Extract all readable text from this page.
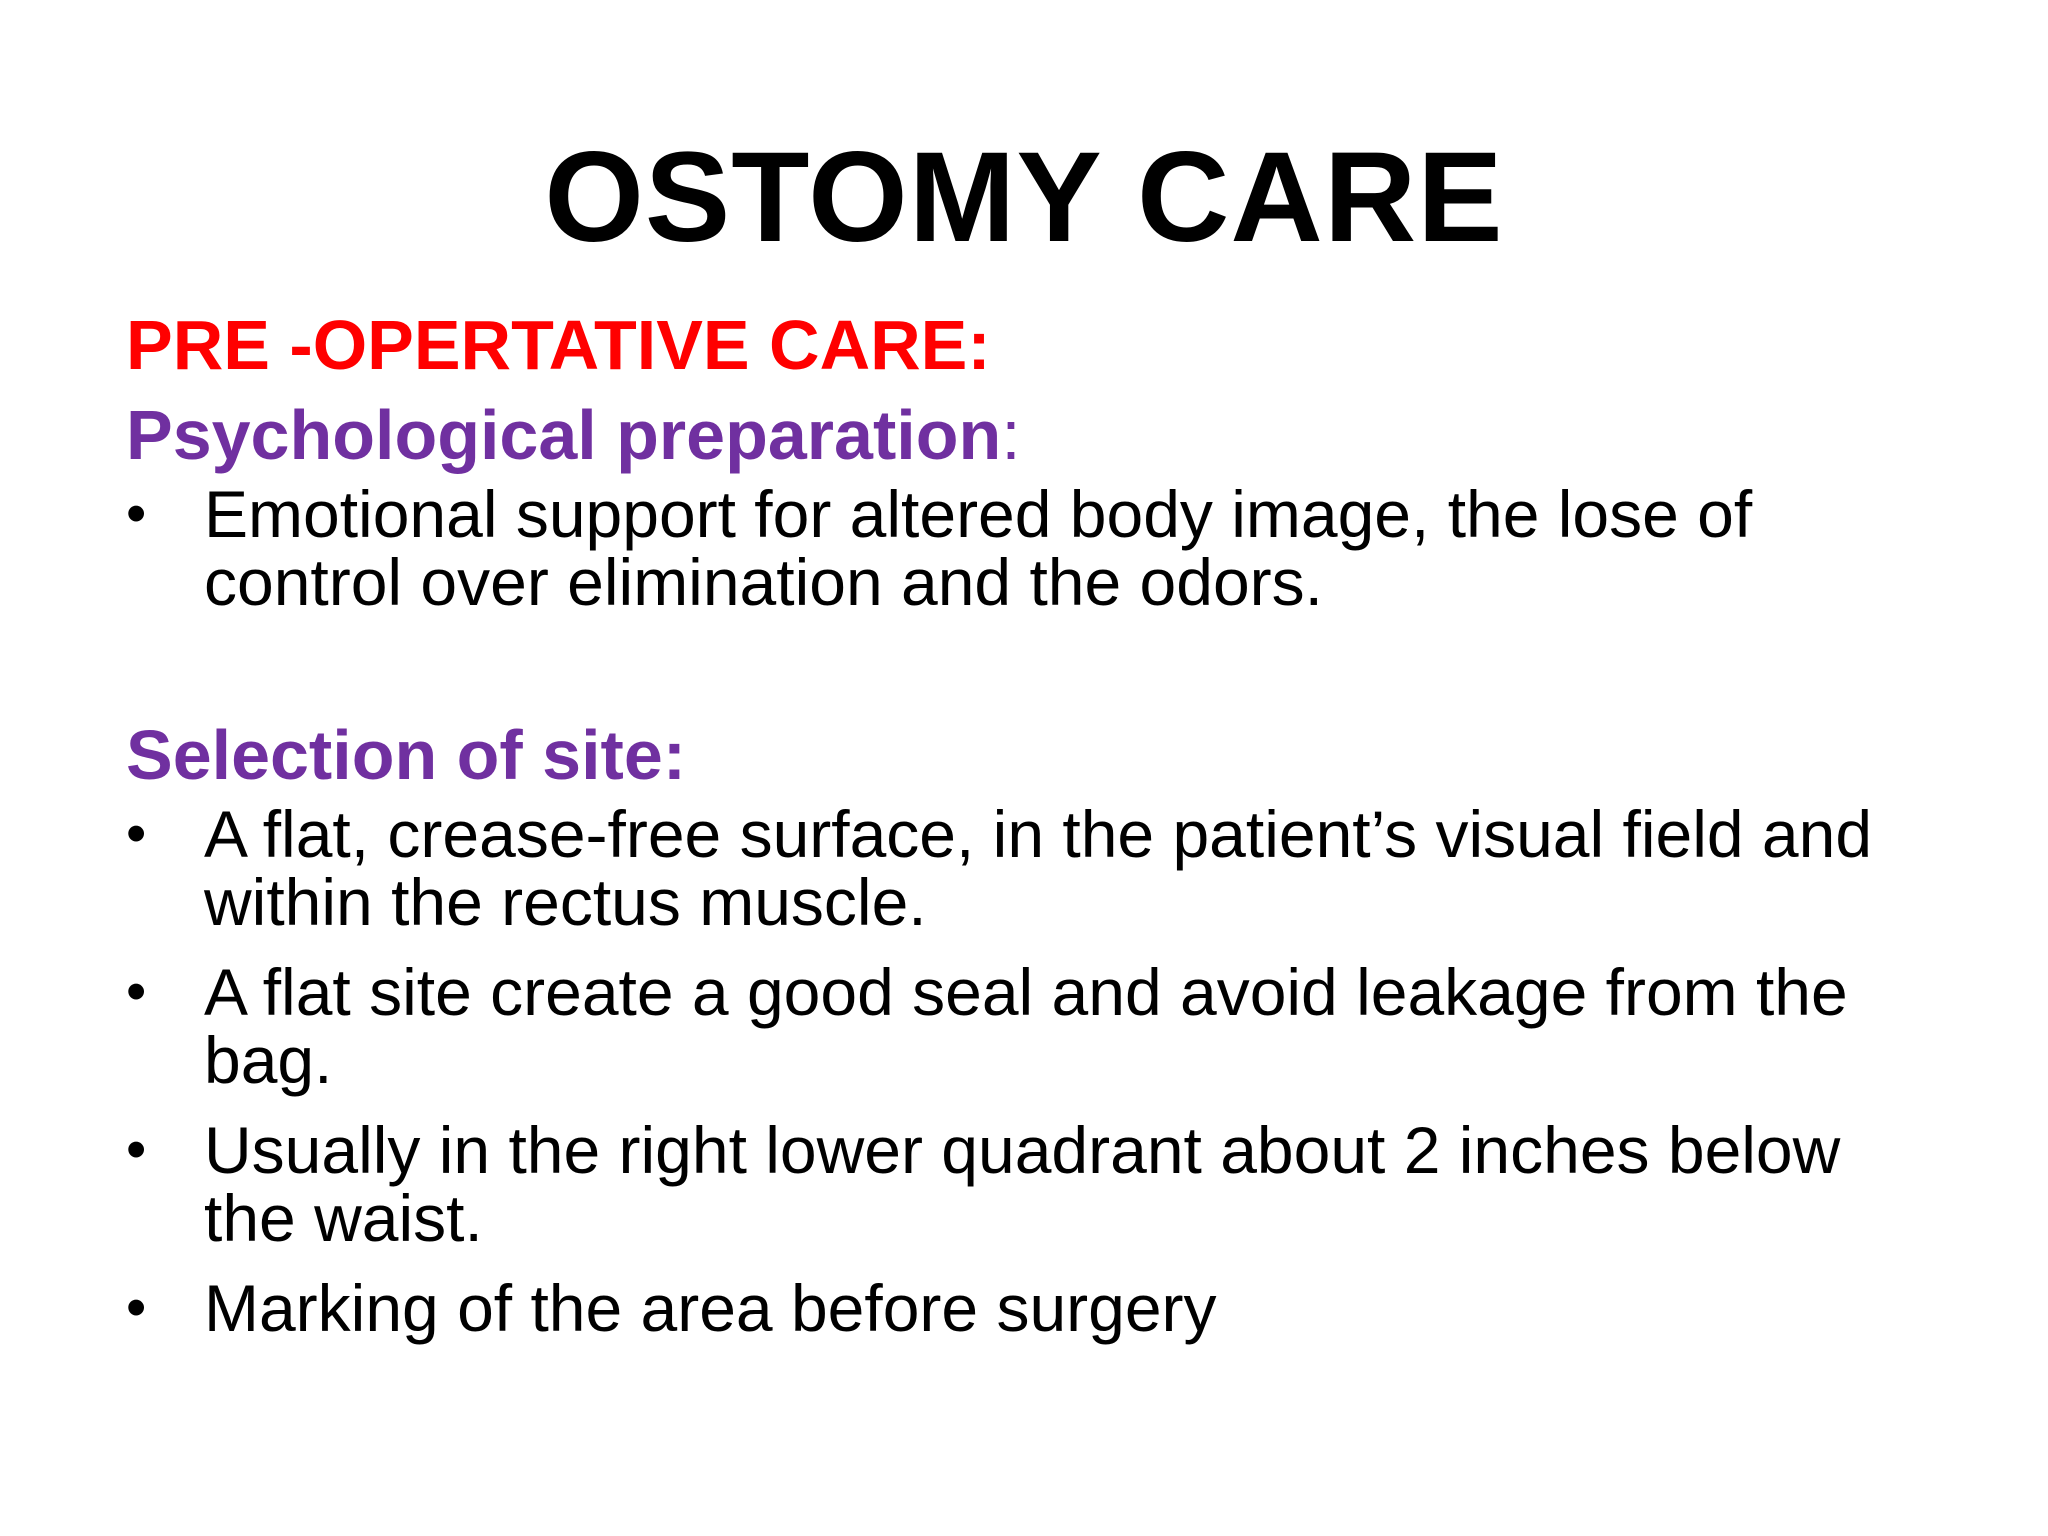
OSTOMY CARE
PRE -OPERTATIVE CARE:
Psychological preparation:
• Emotional support for altered body image, the lose of control over elimination and the odors.
Selection of site:
• A flat, crease-free surface, in the patient’s visual field and within the rectus muscle.
• A flat site create a good seal and avoid leakage from the bag.
• Usually in the right lower quadrant about 2 inches below the waist.
• Marking of the area before surgery
